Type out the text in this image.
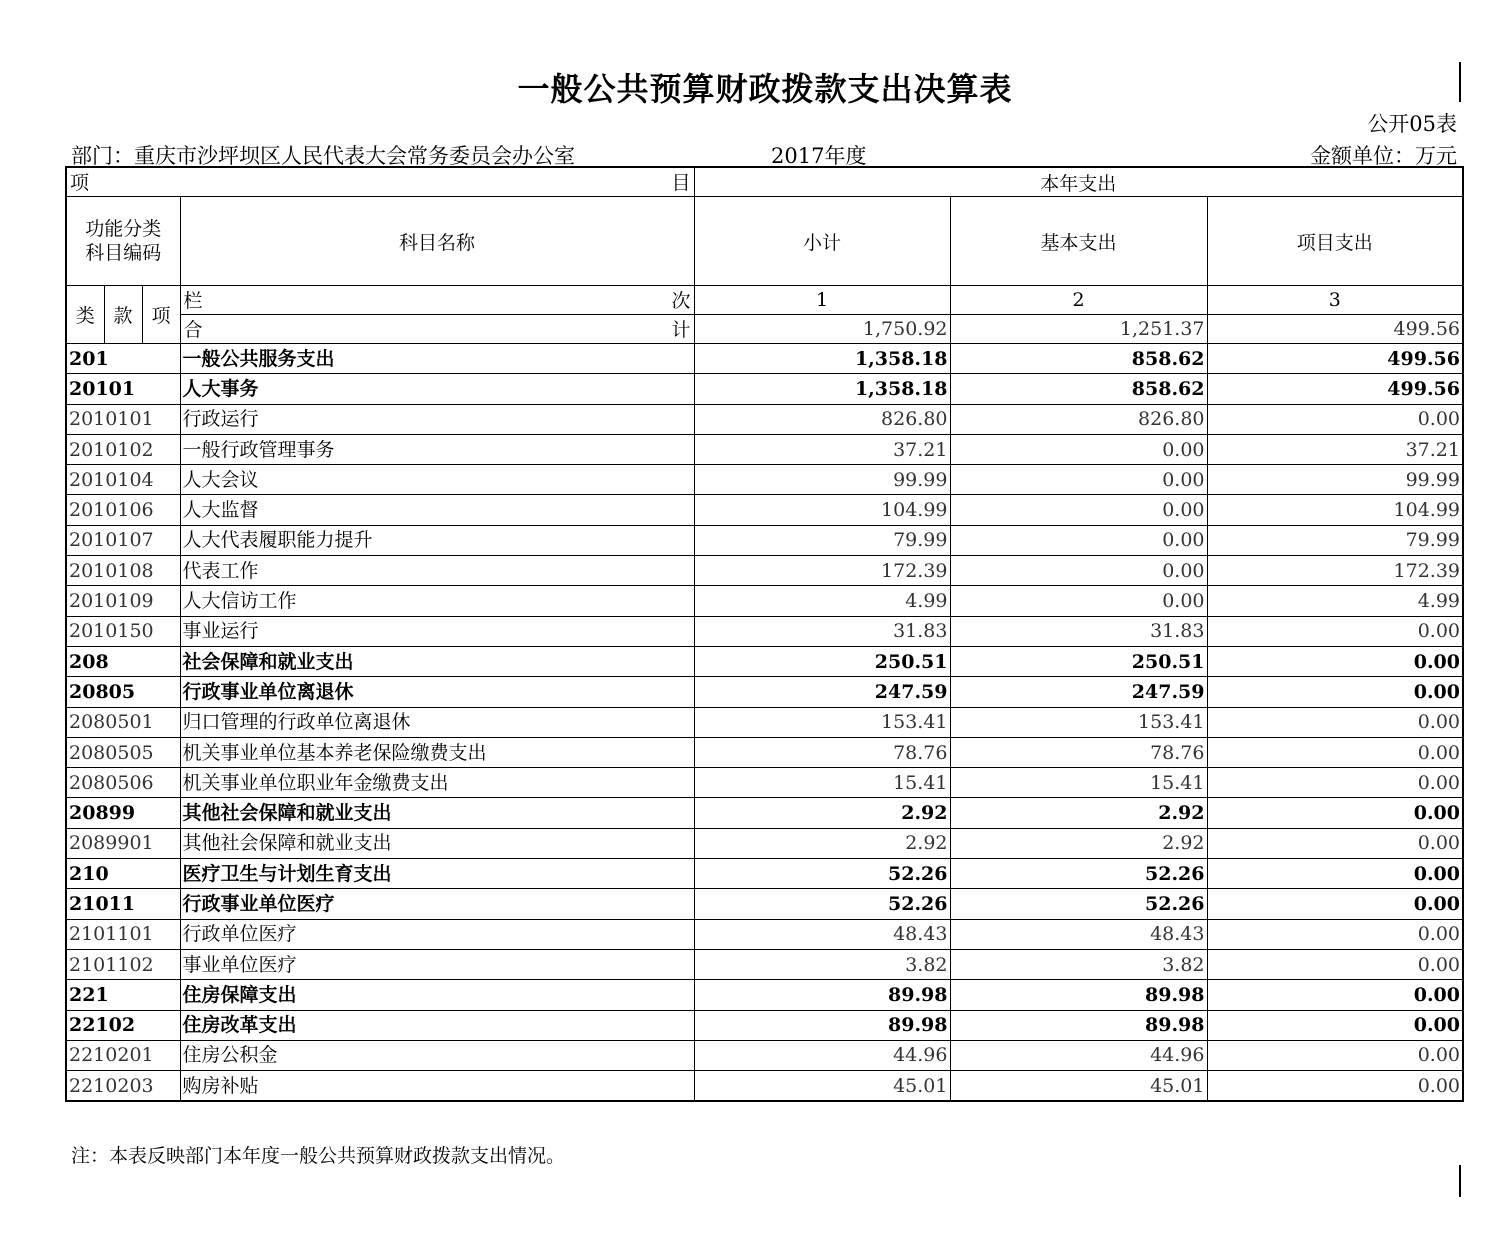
一般公共预算财政拨款支出决算表
公开05表
部门：重庆市沙坪坝区人民代表大会常务委员会办公室	2017年度	金额单位：万元
项 目				本年支出		
功能分类
科目编码			科目名称	小计	基本支出	项目支出
类	款	项	栏 次	1	2	3

			合 计	1,750.92	1,251.37	499.56
201			一般公共服务支出	1,358.18	858.62	499.56
20101			人大事务	1,358.18	858.62	499.56
2010101			行政运行	826.80	826.80	0.00
2010102			一般行政管理事务	37.21	0.00	37.21
2010104			人大会议	99.99	0.00	99.99
2010106			人大监督	104.99	0.00	104.99
2010107			人大代表履职能力提升	79.99	0.00	79.99
2010108			代表工作	172.39	0.00	172.39
2010109			人大信访工作	4.99	0.00	4.99
2010150			事业运行	31.83	31.83	0.00
208			社会保障和就业支出	250.51	250.51	0.00
20805			行政事业单位离退休	247.59	247.59	0.00
2080501			归口管理的行政单位离退休	153.41	153.41	0.00
2080505			机关事业单位基本养老保险缴费支出	78.76	78.76	0.00
2080506			机关事业单位职业年金缴费支出	15.41	15.41	0.00
20899			其他社会保障和就业支出	2.92	2.92	0.00
2089901			其他社会保障和就业支出	2.92	2.92	0.00
210			医疗卫生与计划生育支出	52.26	52.26	0.00
21011			行政事业单位医疗	52.26	52.26	0.00
2101101			行政单位医疗	48.43	48.43	0.00
2101102			事业单位医疗	3.82	3.82	0.00
221			住房保障支出	89.98	89.98	0.00
22102			住房改革支出	89.98	89.98	0.00
2210201			住房公积金	44.96	44.96	0.00
2210203			购房补贴	45.01	45.01	0.00
注：本表反映部门本年度一般公共预算财政拨款支出情况。
